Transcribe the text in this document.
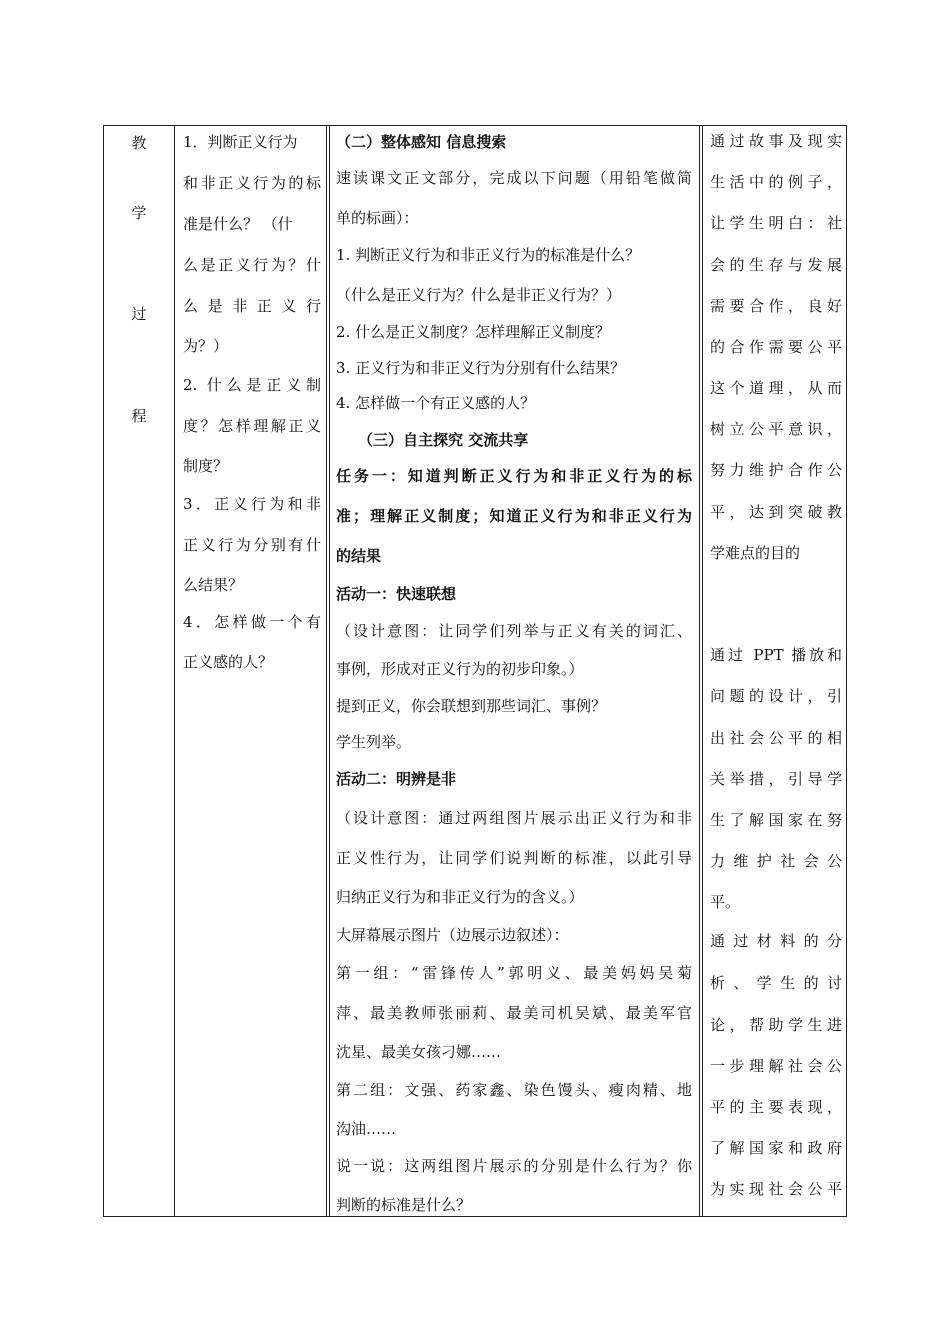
教
学
过
程
1．判断正义行为
和非正义行为的标
准是什么？ （什
么是正义行为？什
么 是 非 正 义 行
为？）
2. 什么是正义制
度？怎样理解正义
制度？
3．正义行为和非
正义行为分别有什
么结果？
4．怎样做一个有
正义感的人？
（二）整体感知 信息搜索
速读课文正文部分，完成以下问题（用铅笔做简
单的标画）：
1. 判断正义行为和非正义行为的标准是什么？
（什么是正义行为？什么是非正义行为？）
2. 什么是正义制度？怎样理解正义制度？
3. 正义行为和非正义行为分别有什么结果？
4. 怎样做一个有正义感的人？
（三）自主探究 交流共享
任务一：知道判断正义行为和非正义行为的标
准；理解正义制度；知道正义行为和非正义行为
的结果
活动一：快速联想
（设计意图：让同学们列举与正义有关的词汇、
事例，形成对正义行为的初步印象。）
提到正义，你会联想到那些词汇、事例？
学生列举。
活动二：明辨是非
（设计意图：通过两组图片展示出正义行为和非
正义性行为，让同学们说判断的标准，以此引导
归纳正义行为和非正义行为的含义。）
大屏幕展示图片（边展示边叙述）：
第一组：“雷锋传人”郭明义、最美妈妈吴菊
萍、最美教师张丽莉、最美司机吴斌、最美军官
沈星、最美女孩刁娜……
第二组：文强、药家鑫、染色馒头、瘦肉精、地
沟油……
说一说：这两组图片展示的分别是什么行为？你
判断的标准是什么？
通过故事及现实
生活中的例子，
让学生明白：社
会的生存与发展
需要合作，良好
的合作需要公平
这个道理，从而
树立公平意识，
努力维护合作公
平，达到突破教
学难点的目的
通过 PPT 播放和
问题的设计，引
出社会公平的相
关举措，引导学
生了解国家在努
力 维 护 社 会 公
平。
通 过 材 料 的 分
析 、 学 生 的 讨
论，帮助学生进
一步理解社会公
平的主要表现，
了解国家和政府
为实现社会公平
